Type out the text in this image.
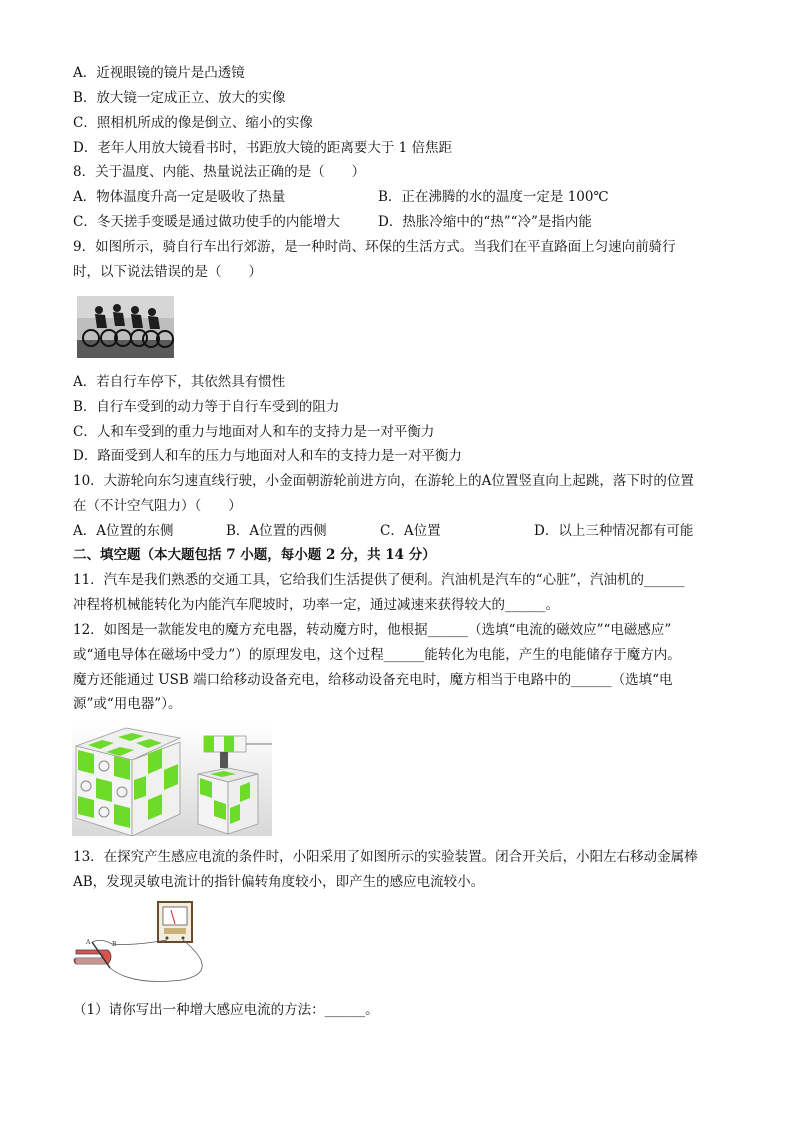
A．近视眼镜的镜片是凸透镜
B．放大镜一定成正立、放大的实像
C．照相机所成的像是倒立、缩小的实像
D．老年人用放大镜看书时，书距放大镜的距离要大于 1 倍焦距
8．关于温度、内能、热量说法正确的是（　　）
A．物体温度升高一定是吸收了热量	B．正在沸腾的水的温度一定是 100℃
C．冬天搓手变暖是通过做功使手的内能增大	D．热胀冷缩中的“热”“冷”是指内能
9．如图所示，骑自行车出行郊游，是一种时尚、环保的生活方式。当我们在平直路面上匀速向前骑行
时，以下说法错误的是（　　）
A．若自行车停下，其依然具有惯性
B．自行车受到的动力等于自行车受到的阻力
C．人和车受到的重力与地面对人和车的支持力是一对平衡力
D．路面受到人和车的压力与地面对人和车的支持力是一对平衡力
10．大游轮向东匀速直线行驶，小金面朝游轮前进方向，在游轮上的A位置竖直向上起跳，落下时的位置
在（不计空气阻力）（　　）
A．A位置的东侧	B．A位置的西侧	C．A位置	D．以上三种情况都有可能
二、填空题（本大题包括 7 小题，每小题 2 分，共 14 分）
11．汽车是我们熟悉的交通工具，它给我们生活提供了便利。汽油机是汽车的“心脏”，汽油机的______
冲程将机械能转化为内能汽车爬坡时，功率一定，通过减速来获得较大的______。
12．如图是一款能发电的魔方充电器，转动魔方时，他根据______（选填“电流的磁效应”“电磁感应”
或“通电导体在磁场中受力”）的原理发电，这个过程______能转化为电能，产生的电能储存于魔方内。
魔方还能通过 USB 端口给移动设备充电，给移动设备充电时，魔方相当于电路中的______（选填“电
源”或“用电器”）。
13．在探究产生感应电流的条件时，小阳采用了如图所示的实验装置。闭合开关后，小阳左右移动金属棒
AB，发现灵敏电流计的指针偏转角度较小，即产生的感应电流较小。
A	B
（1）请你写出一种增大感应电流的方法：______。
